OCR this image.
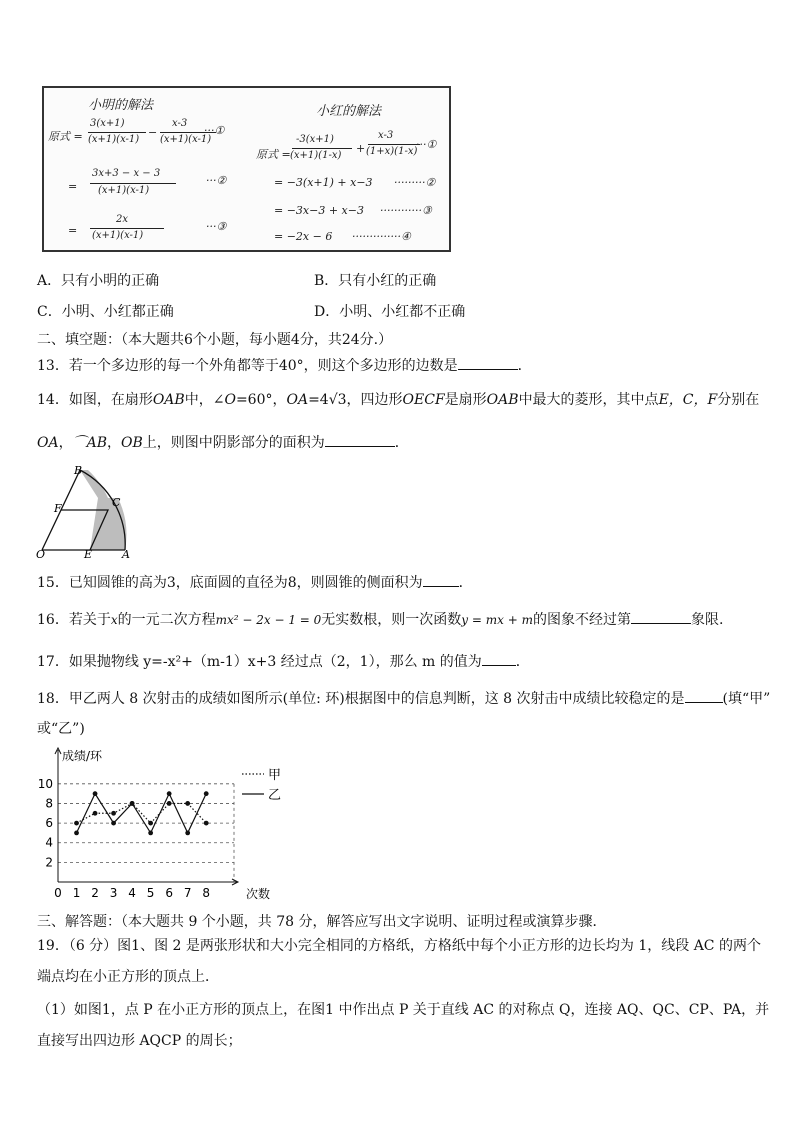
小明的解法
原式 =
3(x+1)
(x+1)(x-1)
−
x-3
(x+1)(x-1)
···①
=
3x+3 − x − 3
(x+1)(x-1)
···②
=
2x
(x+1)(x-1)
···③
小红的解法
原式 =
-3(x+1)
(x+1)(1-x)
+
x-3
(1+x)(1-x)
···①
= −3(x+1) + x−3 ·········②
= −3x−3 + x−3 ············③
= −2x − 6 ··············④
A．只有小明的正确	B．只有小红的正确
C．小明、小红都正确	D．小明、小红都不正确
二、填空题：（本大题共6个小题，每小题4分，共24分.）
13．若一个多边形的每一个外角都等于40°，则这个多边形的边数是	．
14．如图，在扇形OAB中，∠O=60°，OA=4√3，四边形OECF是扇形OAB中最大的菱形，其中点E，C，F分别在
OA，⌒AB，OB上，则图中阴影部分的面积为	．
B
F	C
O	E	A
15．已知圆锥的高为3，底面圆的直径为8，则圆锥的侧面积为	．
16．若关于x的一元二次方程mx² − 2x − 1 = 0无实数根，则一次函数y = mx + m的图象不经过第	象限.
17．如果抛物线 y=-x²+（m-1）x+3 经过点（2，1），那么 m 的值为 ．
18．甲乙两人 8 次射击的成绩如图所示(单位: 环)根据图中的信息判断，这 8 次射击中成绩比较稳定的是	(填“甲”
或“乙”)
2
4
6
8
10
0 1 2 3 4 5 6 7 8
成绩/环
次数
甲
乙
三、解答题：（本大题共 9 个小题，共 78 分，解答应写出文字说明、证明过程或演算步骤．
19．（6 分）图1、图 2 是两张形状和大小完全相同的方格纸，方格纸中每个小正方形的边长均为 1，线段 AC 的两个
端点均在小正方形的顶点上．
（1）如图1，点 P 在小正方形的顶点上，在图1 中作出点 P 关于直线 AC 的对称点 Q，连接 AQ、QC、CP、PA，并
直接写出四边形 AQCP 的周长；
